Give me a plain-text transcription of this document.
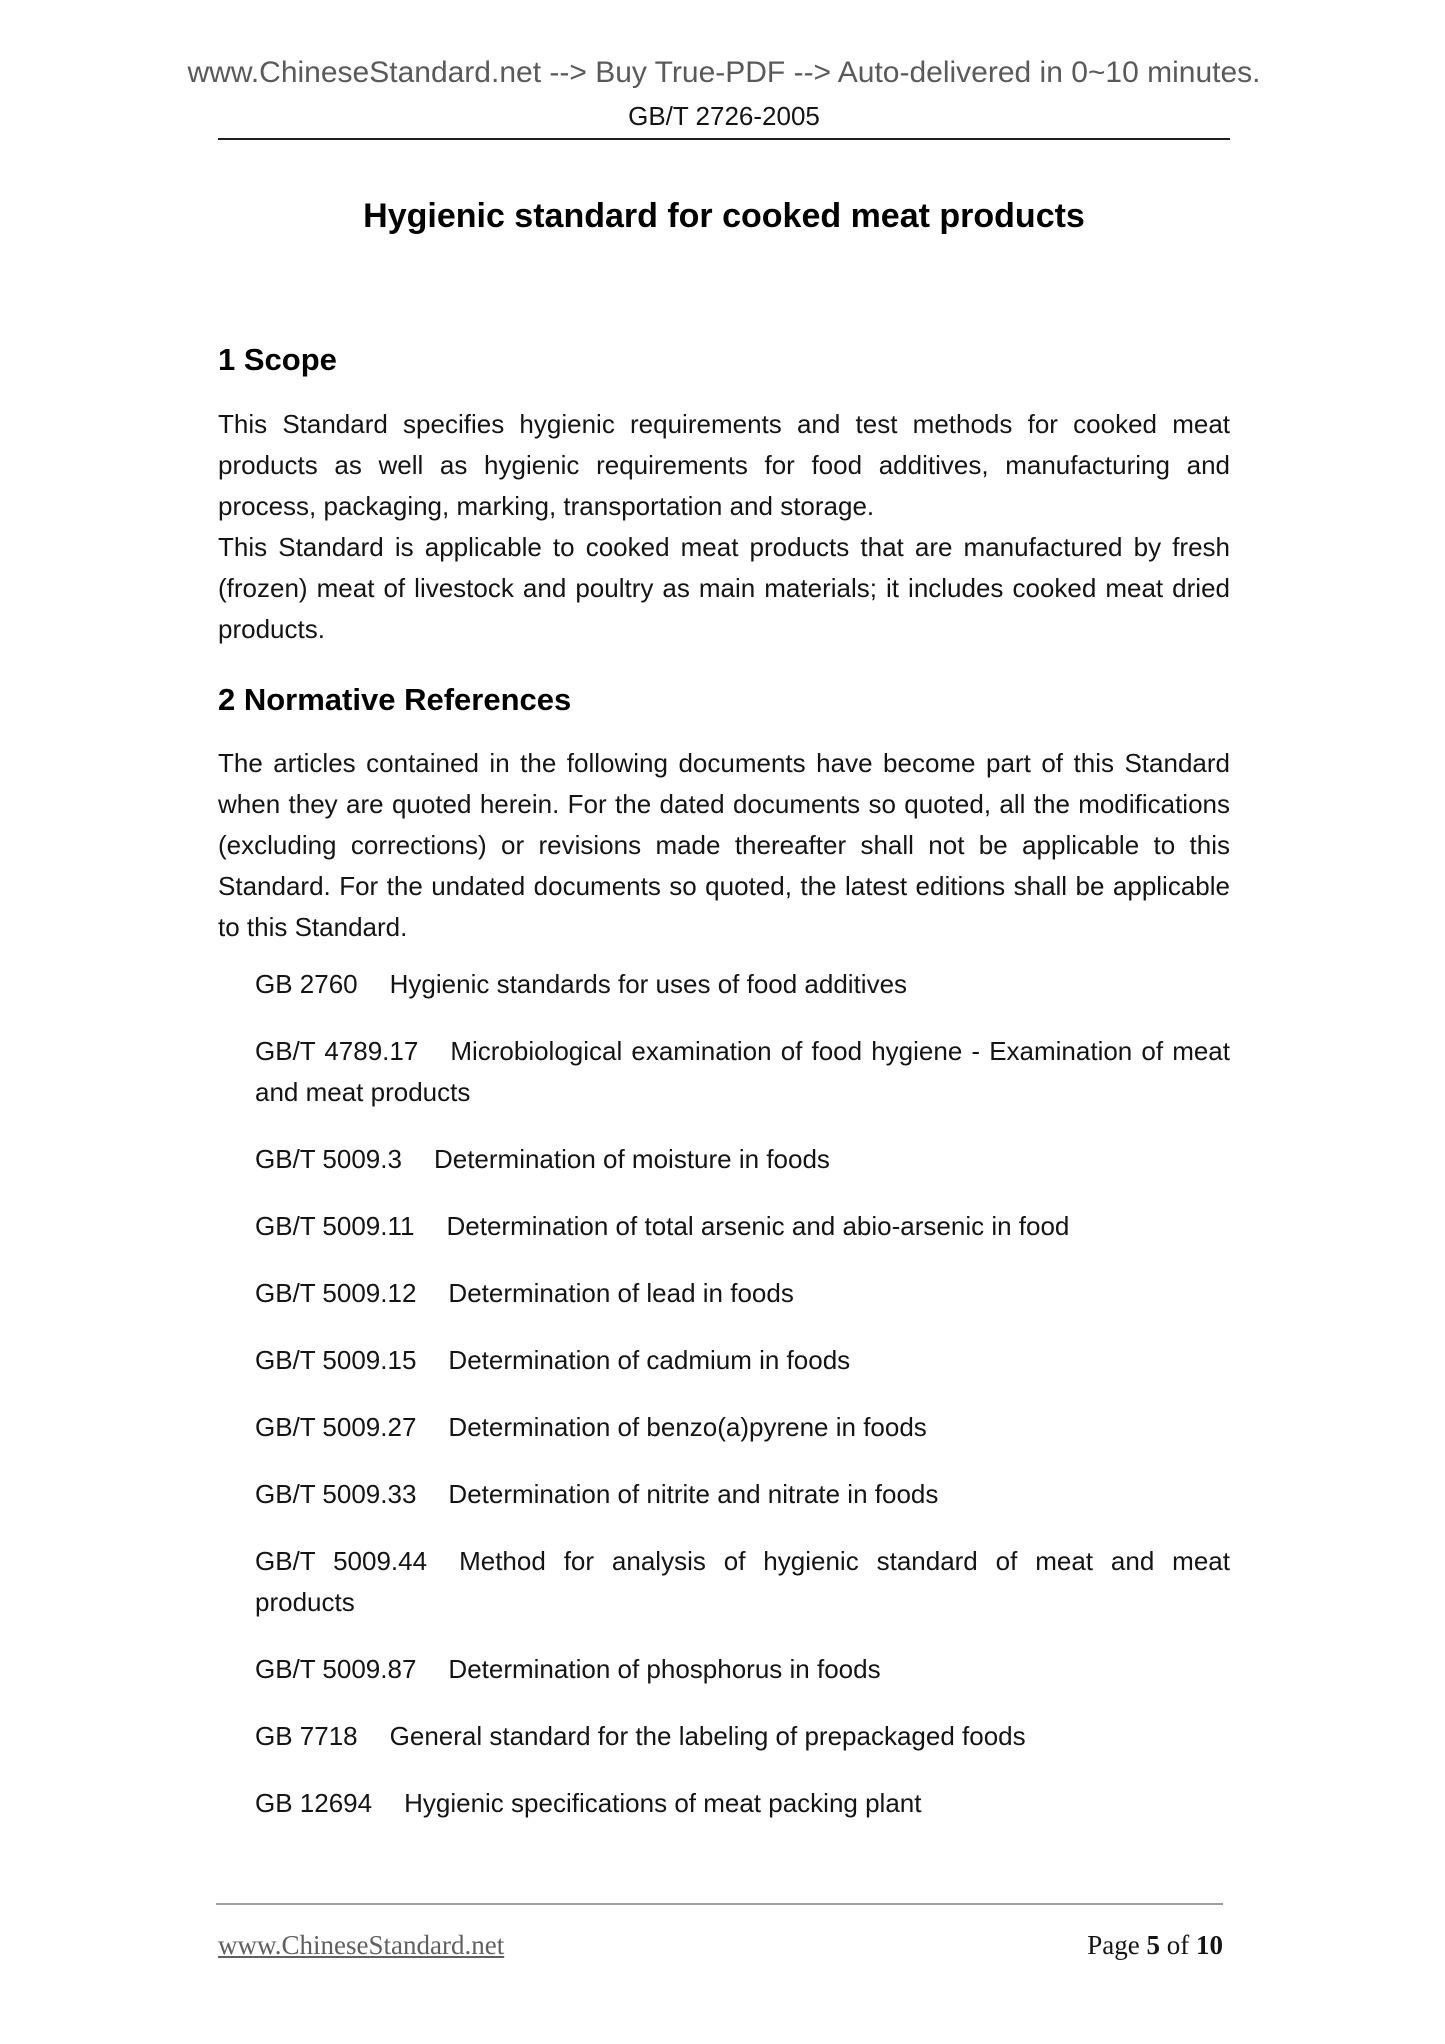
www.ChineseStandard.net --> Buy True-PDF --> Auto-delivered in 0~10 minutes.
GB/T 2726-2005
Hygienic standard for cooked meat products
1 Scope

This Standard specifies hygienic requirements and test methods for cooked meat products as well as hygienic requirements for food additives, manufacturing and process, packaging, marking, transportation and storage.

This Standard is applicable to cooked meat products that are manufactured by fresh (frozen) meat of livestock and poultry as main materials; it includes cooked meat dried products.

2 Normative References

The articles contained in the following documents have become part of this Standard when they are quoted herein. For the dated documents so quoted, all the modifications (excluding corrections) or revisions made thereafter shall not be applicable to this Standard. For the undated documents so quoted, the latest editions shall be applicable to this Standard.

GB 2760 Hygienic standards for uses of food additives

GB/T 4789.17 Microbiological examination of food hygiene - Examination of meat and meat products

GB/T 5009.3 Determination of moisture in foods

GB/T 5009.11 Determination of total arsenic and abio-arsenic in food

GB/T 5009.12 Determination of lead in foods

GB/T 5009.15 Determination of cadmium in foods

GB/T 5009.27 Determination of benzo(a)pyrene in foods

GB/T 5009.33 Determination of nitrite and nitrate in foods

GB/T 5009.44 Method for analysis of hygienic standard of meat and meat products

GB/T 5009.87 Determination of phosphorus in foods

GB 7718 General standard for the labeling of prepackaged foods

GB 12694 Hygienic specifications of meat packing plant

www.ChineseStandard.net	Page 5 of 10
